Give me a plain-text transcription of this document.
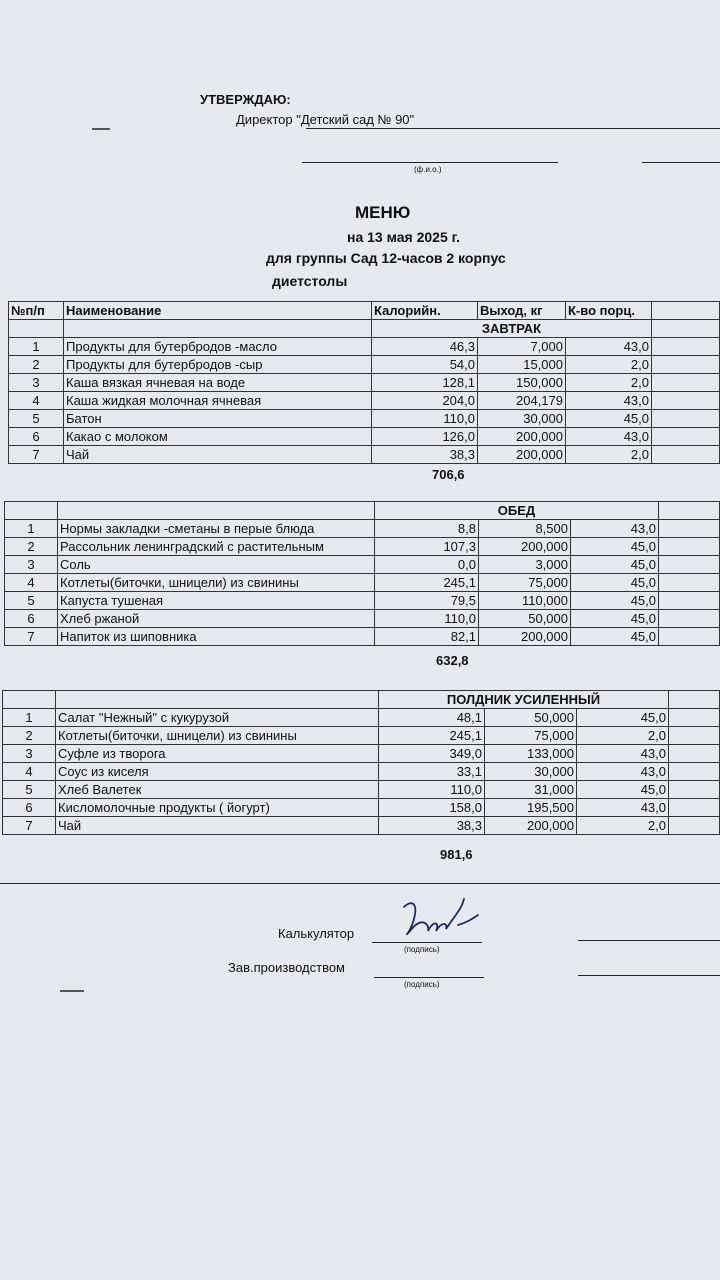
УТВЕРЖДАЮ:
Директор "Детский сад № 90"
(ф.и.о.)
МЕНЮ
на 13 мая 2025 г.
для группы Сад 12-часов 2 корпус
диетстолы
№п/п	Наименование	Калорийн.	Выход, кг	К-во порц.	
		ЗАВТРАК			
1	Продукты для бутербродов -масло	46,3	7,000	43,0	
2	Продукты для бутербродов -сыр	54,0	15,000	2,0	
3	Каша вязкая ячневая на воде	128,1	150,000	2,0	
4	Каша жидкая молочная ячневая	204,0	204,179	43,0	
5	Батон	110,0	30,000	45,0	
6	Какао с молоком	126,0	200,000	43,0	
7	Чай	38,3	200,000	2,0	
706,6
		ОБЕД			
1	Нормы закладки -сметаны в перые блюда	8,8	8,500	43,0	
2	Рассольник ленинградский с растительным	107,3	200,000	45,0	
3	Соль	0,0	3,000	45,0	
4	Котлеты(биточки, шницели) из свинины	245,1	75,000	45,0	
5	Капуста тушеная	79,5	110,000	45,0	
6	Хлеб ржаной	110,0	50,000	45,0	
7	Напиток из шиповника	82,1	200,000	45,0	
632,8
		ПОЛДНИК УСИЛЕННЫЙ			
1	Салат "Нежный" с кукурузой	48,1	50,000	45,0	
2	Котлеты(биточки, шницели) из свинины	245,1	75,000	2,0	
3	Суфле из творога	349,0	133,000	43,0	
4	Соус из киселя	33,1	30,000	43,0	
5	Хлеб Валетек	110,0	31,000	45,0	
6	Кисломолочные продукты ( йогурт)	158,0	195,500	43,0	
7	Чай	38,3	200,000	2,0	
981,6
Калькулятор
(подпись)
Зав.производством
(подпись)
